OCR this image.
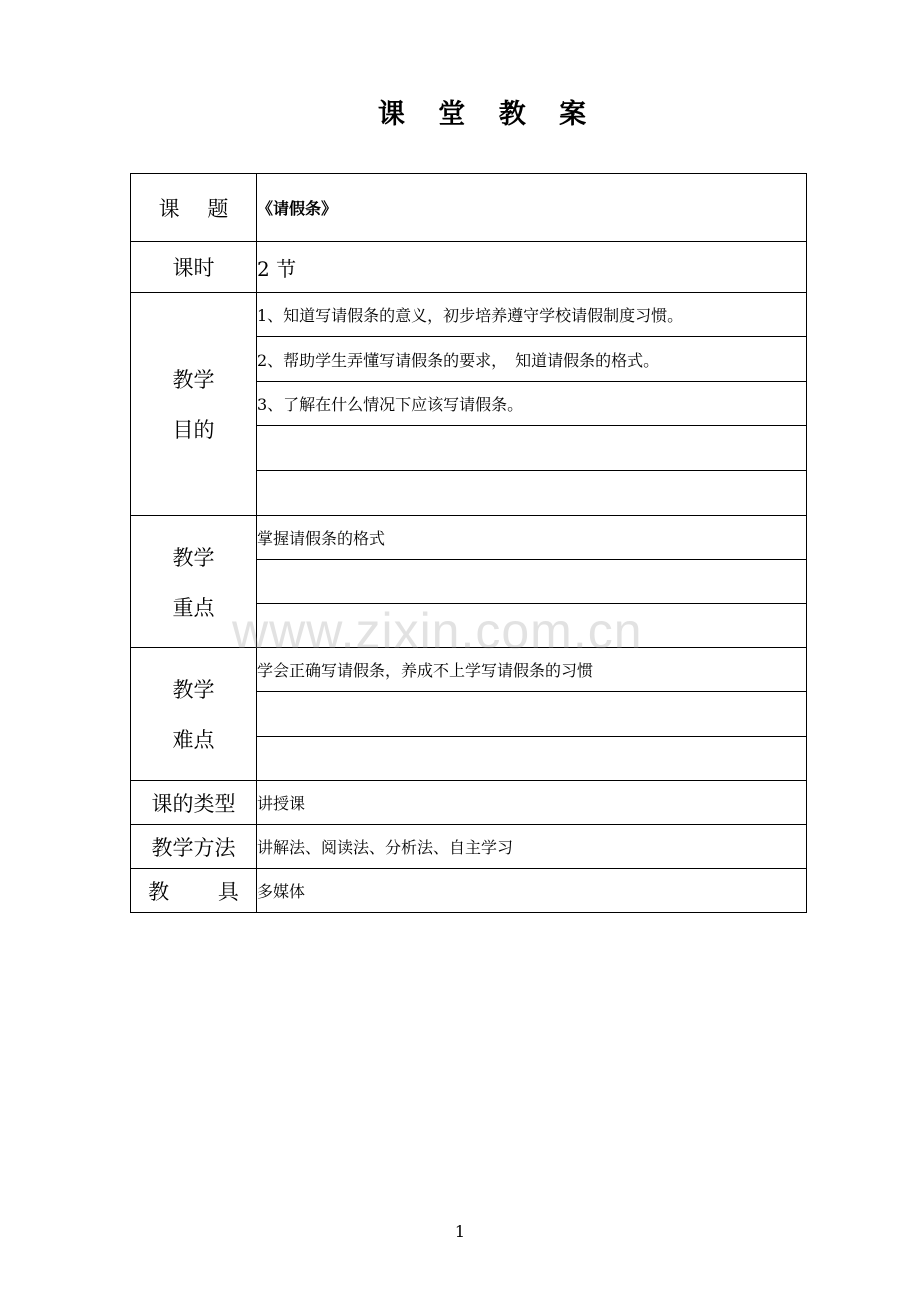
课 堂 教 案
课　 题	《请假条》
课时	2 节
教学
目的	1、知道写请假条的意义，初步培养遵守学校请假制度习惯。
	2、帮助学生弄懂写请假条的要求，　知道请假条的格式。
	3、了解在什么情况下应该写请假条。

教学
重点	掌握请假条的格式

教学
难点	学会正确写请假条，养成不上学写请假条的习惯

课的类型	讲授课
教学方法	讲解法、阅读法、分析法、自主学习
教　　 具	多媒体
www.zixin.com.cn
1
